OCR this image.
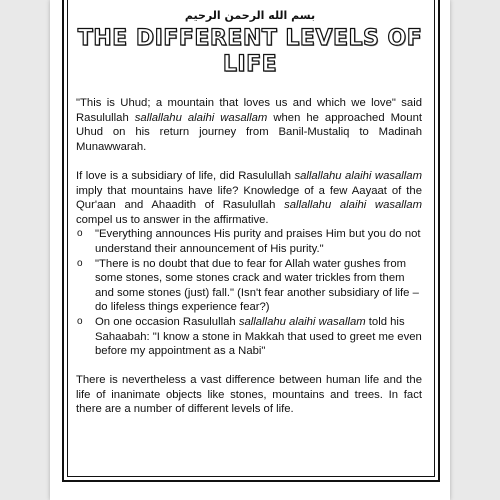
بسم الله الرحمن الرحيم
THE DIFFERENT LEVELS OF LIFE

"This is Uhud; a mountain that loves us and which we love" said Rasulullah sallallahu alaihi wasallam when he approached Mount Uhud on his return journey from Banil-Mustaliq to Madinah Munawwarah.

If love is a subsidiary of life, did Rasulullah sallallahu alaihi wasallam imply that mountains have life? Knowledge of a few Aayaat of the Qur'aan and Ahaadith of Rasulullah sallallahu alaihi wasallam compel us to answer in the affirmative.

o "Everything announces His purity and praises Him but you do not understand their announcement of His purity."
o "There is no doubt that due to fear for Allah water gushes from some stones, some stones crack and water trickles from them and some stones (just) fall." (Isn't fear another subsidiary of life – do lifeless things experience fear?)
o On one occasion Rasulullah sallallahu alaihi wasallam told his Sahaabah: "I know a stone in Makkah that used to greet me even before my appointment as a Nabi"

There is nevertheless a vast difference between human life and the life of inanimate objects like stones, mountains and trees. In fact there are a number of different levels of life.
